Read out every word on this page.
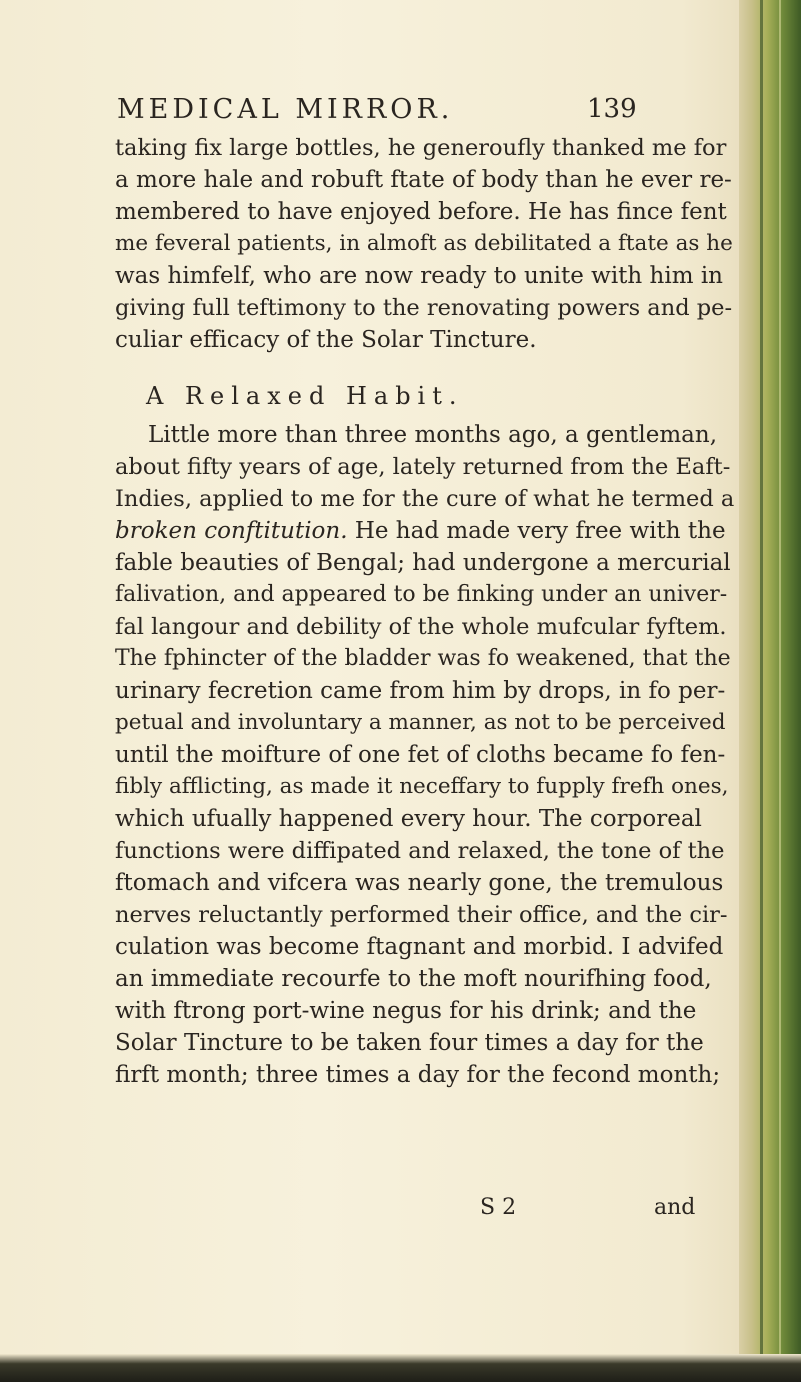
MEDICAL MIRROR.	139
taking fix large bottles, he generoufly thanked me for
a more hale and robuft ftate of body than he ever re-
membered to have enjoyed before. He has fince fent
me feveral patients, in almoft as debilitated a ftate as he
was himfelf, who are now ready to unite with him in
giving full teftimony to the renovating powers and pe-
culiar efficacy of the Solar Tincture.
A Relaxed Habit.
Little more than three months ago, a gentleman,
about fifty years of age, lately returned from the Eaft-
Indies, applied to me for the cure of what he termed a
broken conftitution. He had made very free with the
fable beauties of Bengal; had undergone a mercurial
falivation, and appeared to be finking under an univer-
fal langour and debility of the whole mufcular fyftem.
The fphincter of the bladder was fo weakened, that the
urinary fecretion came from him by drops, in fo per-
petual and involuntary a manner, as not to be perceived
until the moifture of one fet of cloths became fo fen-
fibly afflicting, as made it neceffary to fupply frefh ones,
which ufually happened every hour. The corporeal
functions were diffipated and relaxed, the tone of the
ftomach and vifcera was nearly gone, the tremulous
nerves reluctantly performed their office, and the cir-
culation was become ftagnant and morbid. I advifed
an immediate recourfe to the moft nourifhing food,
with ftrong port-wine negus for his drink; and the
Solar Tincture to be taken four times a day for the
firft month; three times a day for the fecond month;
S 2	and
